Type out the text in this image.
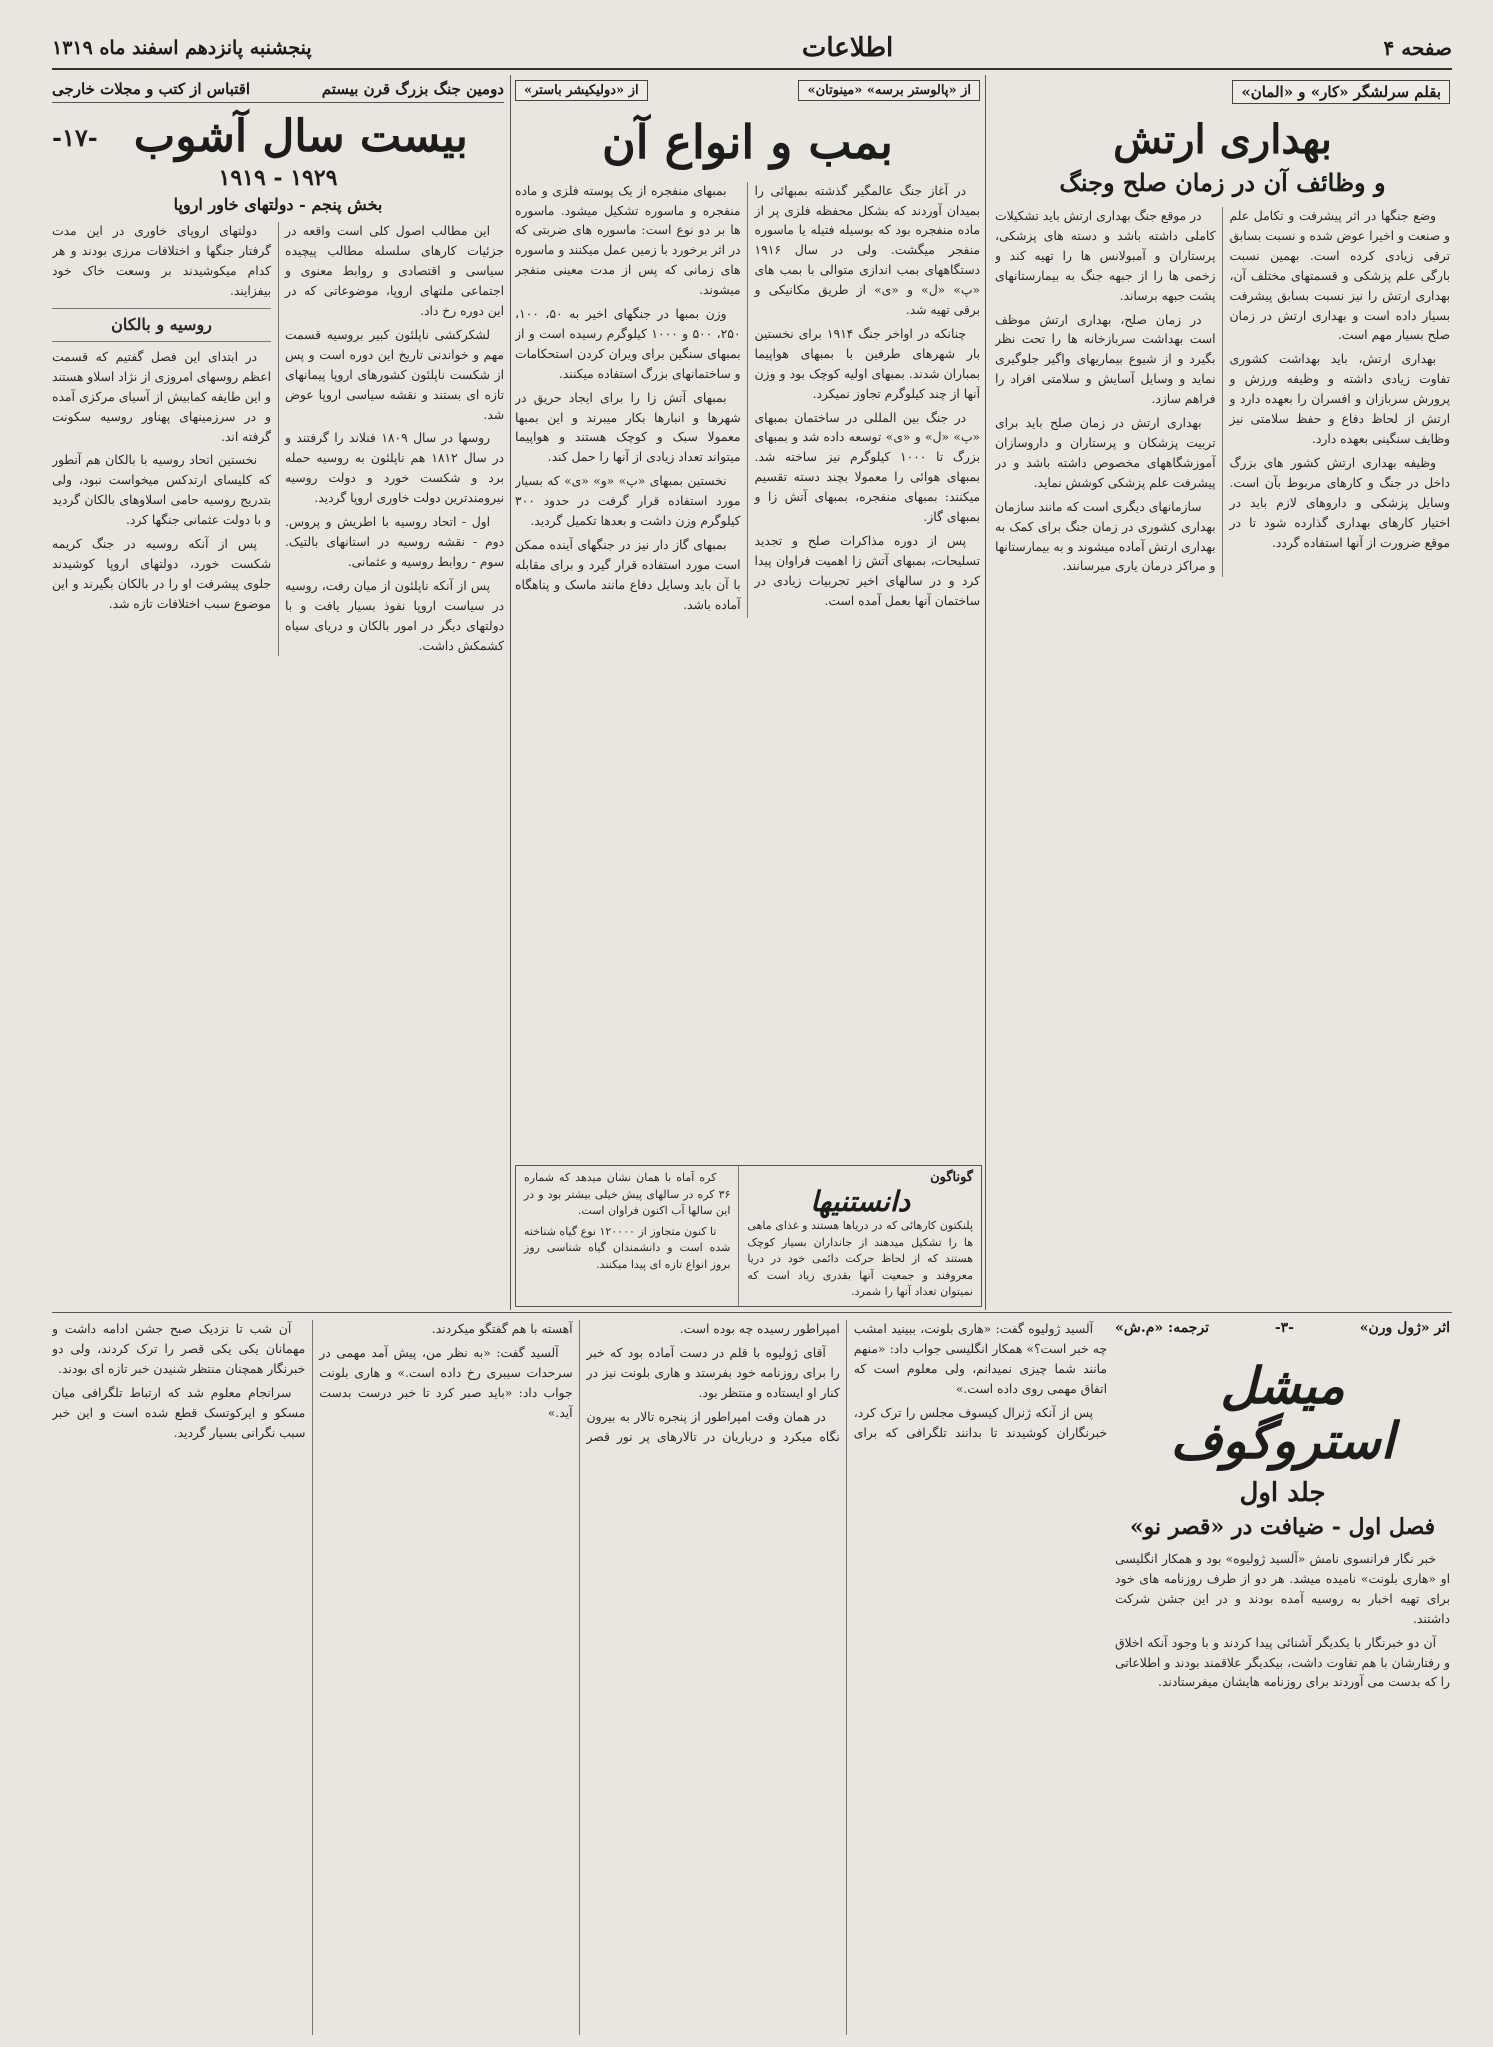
صفحه ۴
اطلاعات
پنجشنبه پانزدهم اسفند ماه ۱۳۱۹
بقلم سرلشگر «کار» و «المان»
بهداری ارتش
و وظائف آن در زمان صلح وجنگ

وضع جنگها در اثر پیشرفت و تکامل علم و صنعت و اخیرا عوض شده و نسبت بسابق ترقی زیادی کرده است. بهمین نسبت بارگی علم پزشکی و قسمتهای مختلف آن، بهداری ارتش را نیز نسبت بسابق پیشرفت بسیار داده است و بهداری ارتش در زمان صلح بسیار مهم است.

بهداری ارتش، باید بهداشت کشوری تفاوت زیادی داشته و وظیفه ورزش و پرورش سربازان و افسران را بعهده دارد و ارتش از لحاظ دفاع و حفظ سلامتی نیز وظایف سنگینی بعهده دارد.

وظیفه بهداری ارتش کشور های بزرگ داخل در جنگ و کارهای مربوط بآن است. وسایل پزشکی و داروهای لازم باید در اختیار کارهای بهداری گذارده شود تا در موقع ضرورت از آنها استفاده گردد.

در موقع جنگ بهداری ارتش باید تشکیلات کاملی داشته باشد و دسته های پزشکی، پرستاران و آمبولانس ها را تهیه کند و زخمی ها را از جبهه جنگ به بیمارستانهای پشت جبهه برساند.

در زمان صلح، بهداری ارتش موظف است بهداشت سربازخانه ها را تحت نظر بگیرد و از شیوع بیماریهای واگیر جلوگیری نماید و وسایل آسایش و سلامتی افراد را فراهم سازد.

بهداری ارتش در زمان صلح باید برای تربیت پزشکان و پرستاران و داروسازان آموزشگاههای مخصوص داشته باشد و در پیشرفت علم پزشکی کوشش نماید.

سازمانهای دیگری است که مانند سازمان بهداری کشوری در زمان جنگ برای کمک به بهداری ارتش آماده میشوند و به بیمارستانها و مراکز درمان یاری میرسانند.

از «پالوستر برسه» «مینوتان»
از «دولیکیشر باستر»
بمب و انواع آن

در آغاز جنگ عالمگیر گذشته بمبهائی را بمیدان آوردند که بشکل محفظه فلزی پر از ماده منفجره بود که بوسیله فتیله یا ماسوره منفجر میگشت. ولی در سال ۱۹۱۶ دستگاههای بمب اندازی متوالی با بمب های «پ» «ل» و «ی» از طریق مکانیکی و برقی تهیه شد.

چنانکه در اواخر جنگ ۱۹۱۴ برای نخستین بار شهرهای طرفین با بمبهای هواپیما بمباران شدند. بمبهای اولیه کوچک بود و وزن آنها از چند کیلوگرم تجاوز نمیکرد.

در جنگ بین المللی در ساختمان بمبهای «پ» «ل» و «ی» توسعه داده شد و بمبهای بزرگ تا ۱۰۰۰ کیلوگرم نیز ساخته شد. بمبهای هوائی را معمولا بچند دسته تقسیم میکنند: بمبهای منفجره، بمبهای آتش زا و بمبهای گاز.

پس از دوره مذاکرات صلح و تجدید تسلیحات، بمبهای آتش زا اهمیت فراوان پیدا کرد و در سالهای اخیر تجربیات زیادی در ساختمان آنها بعمل آمده است.

بمبهای منفجره از یک پوسته فلزی و ماده منفجره و ماسوره تشکیل میشود. ماسوره ها بر دو نوع است: ماسوره های ضربتی که در اثر برخورد با زمین عمل میکنند و ماسوره های زمانی که پس از مدت معینی منفجر میشوند.

وزن بمبها در جنگهای اخیر به ۵۰، ۱۰۰، ۲۵۰، ۵۰۰ و ۱۰۰۰ کیلوگرم رسیده است و از بمبهای سنگین برای ویران کردن استحکامات و ساختمانهای بزرگ استفاده میکنند.

بمبهای آتش زا را برای ایجاد حریق در شهرها و انبارها بکار میبرند و این بمبها معمولا سبک و کوچک هستند و هواپیما میتواند تعداد زیادی از آنها را حمل کند.

نخستین بمبهای «پ» «و» «ی» که بسیار مورد استفاده قرار گرفت در حدود ۳۰۰ کیلوگرم وزن داشت و بعدها تکمیل گردید.

بمبهای گاز دار نیز در جنگهای آینده ممکن است مورد استفاده قرار گیرد و برای مقابله با آن باید وسایل دفاع مانند ماسک و پناهگاه آماده باشد.

گوناگون
دانستنیها
پلنکتون کارهائی که در دریاها هستند و غذای ماهی ها را تشکیل میدهند از جانداران بسیار کوچک هستند که از لحاظ حرکت دائمی خود در دریا معروفند و جمعیت آنها بقدری زیاد است که نمیتوان تعداد آنها را شمرد.

کره آماه با همان نشان میدهد که شماره ۳۶ کره در سالهای پیش خیلی بیشتر بود و در این سالها آب اکنون فراوان است.

تا کنون متجاوز از ۱۲۰۰۰۰ نوع گیاه شناخته شده است و دانشمندان گیاه شناسی روز بروز انواع تازه ای پیدا میکنند.

دومین جنگ بزرگ قرن بیستم
اقتباس از کتب و مجلات خارجی
بیست سال آشوب
-۱۷-
۱۹۲۹ - ۱۹۱۹
بخش پنجم - دولتهای خاور اروپا

این مطالب اصول کلی است واقعه در جزئیات کارهای سلسله مطالب پیچیده سیاسی و اقتصادی و روابط معنوی و اجتماعی ملتهای اروپا، موضوعاتی که در این دوره رخ داد.

لشکرکشی ناپلئون کبیر بروسیه قسمت مهم و خواندنی تاریخ این دوره است و پس از شکست ناپلئون کشورهای اروپا پیمانهای تازه ای بستند و نقشه سیاسی اروپا عوض شد.

روسها در سال ۱۸۰۹ فنلاند را گرفتند و در سال ۱۸۱۲ هم ناپلئون به روسیه حمله برد و شکست خورد و دولت روسیه نیرومندترین دولت خاوری اروپا گردید.

اول - اتحاد روسیه با اطریش و پروس. دوم - نقشه روسیه در استانهای بالتیک. سوم - روابط روسیه و عثمانی.

پس از آنکه ناپلئون از میان رفت، روسیه در سیاست اروپا نفوذ بسیار یافت و با دولتهای دیگر در امور بالکان و دریای سیاه کشمکش داشت.

دولتهای اروپای خاوری در این مدت گرفتار جنگها و اختلافات مرزی بودند و هر کدام میکوشیدند بر وسعت خاک خود بیفزایند.

روسیه و بالکان

در ابتدای این فصل گفتیم که قسمت اعظم روسهای امروزی از نژاد اسلاو هستند و این طایفه کمابیش از آسیای مرکزی آمده و در سرزمینهای پهناور روسیه سکونت گرفته اند.

نخستین اتحاد روسیه با بالکان هم آنطور که کلیسای ارتدکس میخواست نبود، ولی بتدریج روسیه حامی اسلاوهای بالکان گردید و با دولت عثمانی جنگها کرد.

پس از آنکه روسیه در جنگ کریمه شکست خورد، دولتهای اروپا کوشیدند جلوی پیشرفت او را در بالکان بگیرند و این موضوع سبب اختلافات تازه شد.

اثر «ژول ورن»
-۳-
ترجمه: «م.ش»
میشل استروگوف
جلد اول
فصل اول - ضیافت در «قصر نو»

خبر نگار فرانسوی نامش «آلسید ژولیوه» بود و همکار انگلیسی او «هاری بلونت» نامیده میشد. هر دو از طرف روزنامه های خود برای تهیه اخبار به روسیه آمده بودند و در این جشن شرکت داشتند.

آن دو خبرنگار با یکدیگر آشنائی پیدا کردند و با وجود آنکه اخلاق و رفتارشان با هم تفاوت داشت، بیکدیگر علاقمند بودند و اطلاعاتی را که بدست می آوردند برای روزنامه هایشان میفرستادند.

آلسید ژولیوه گفت: «هاری بلونت، ببینید امشب چه خبر است؟» همکار انگلیسی جواب داد: «منهم مانند شما چیزی نمیدانم، ولی معلوم است که اتفاق مهمی روی داده است.»

پس از آنکه ژنرال کیسوف مجلس را ترک کرد، خبرنگاران کوشیدند تا بدانند تلگرافی که برای امپراطور رسیده چه بوده است.

آقای ژولیوه با قلم در دست آماده بود که خبر را برای روزنامه خود بفرستد و هاری بلونت نیز در کنار او ایستاده و منتظر بود.

در همان وقت امپراطور از پنجره تالار به بیرون نگاه میکرد و درباریان در تالارهای پر نور قصر آهسته با هم گفتگو میکردند.

آلسید گفت: «به نظر من، پیش آمد مهمی در سرحدات سیبری رخ داده است.» و هاری بلونت جواب داد: «باید صبر کرد تا خبر درست بدست آید.»

آن شب تا نزدیک صبح جشن ادامه داشت و مهمانان یکی یکی قصر را ترک کردند، ولی دو خبرنگار همچنان منتظر شنیدن خبر تازه ای بودند.

سرانجام معلوم شد که ارتباط تلگرافی میان مسکو و ایرکوتسک قطع شده است و این خبر سبب نگرانی بسیار گردید.
